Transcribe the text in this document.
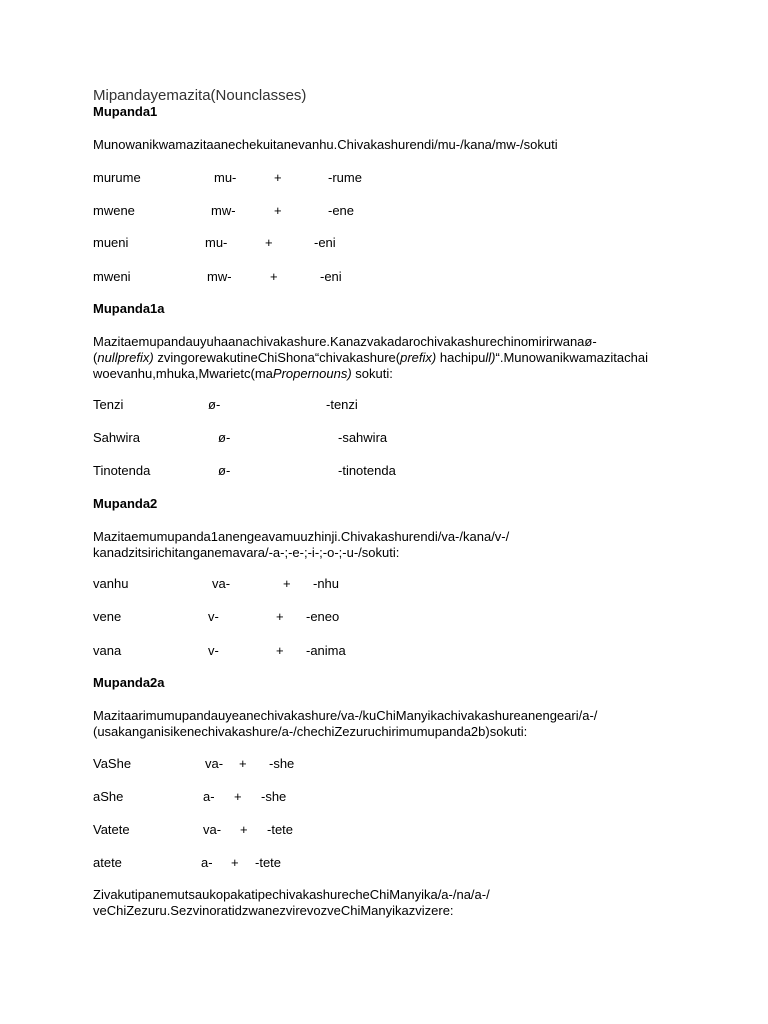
Mipandayemazita(Nounclasses)
Mupanda1
Munowanikwamazitaanechekuitanevanhu.Chivakashurendi/mu-/kana/mw-/sokuti
murume	mu-	+	-rume
mwene	mw-	+	-ene
mueni	mu-	+	-eni
mweni	mw-	+	-eni
Mupanda1a
Mazitaemupandauyuhaanachivakashure.Kanazvakadarochivakashurechinomirirwanaø-
(nullprefix) zvingorewakutineChiShona“chivakashure(prefix) hachipull)“.Munowanikwamazitachai
woevanhu,mhuka,Mwarietc(maPropernouns) sokuti:
Tenzi	ø-	-tenzi
Sahwira	ø-	-sahwira
Tinotenda	ø-	-tinotenda
Mupanda2
Mazitaemumupanda1anengeavamuuzhinji.Chivakashurendi/va-/kana/v-/
kanadzitsirichitanganemavara/-a-;-e-;-i-;-o-;-u-/sokuti:
vanhu	va-	+ -nhu
vene	v-	+ -eneo
vana	v-	+ -anima
Mupanda2a
Mazitaarimumupandauyeanechivakashure/va-/kuChiManyikachivakashureanengeari/a-/
(usakanganisikenechivakashure/a-/chechiZezuruchirimumupanda2b)sokuti:
VaShe	va- + -she
aShe	a- + -she
Vatete	va- + -tete
atete	a- + -tete
ZivakutipanemutsaukopakatipechivakashurecheChiManyika/a-/na/a-/
veChiZezuru.SezvinoratidzwanezvirevozveChiManyikazvizere:
